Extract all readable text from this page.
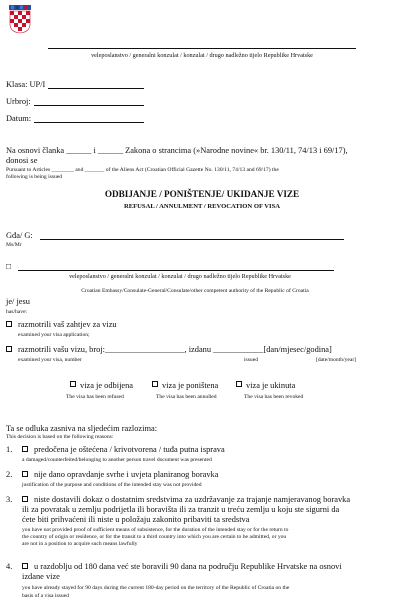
veleposlanstvo / generalni konzulat / konzulat / drugo nadležno tijelo Republike Hrvatske
Klasa: UP/I
Urbroj:
Datum:
Na osnovi članka ______ i ______ Zakona o strancima (»Narodne novine« br. 130/11, 74/13 i 69/17),
donosi se
Pursuant to Articles ________ and _______ of the Aliens Act (Croatian Official Gazette No. 130/11, 74/13 and 69/17) the
following is being issued
ODBIJANJE / PONIŠTENJE/ UKIDANJE VIZE
REFUSAL / ANNULMENT / REVOCATION OF VISA
Gđa/ G:
Ms/Mr
□
veleposlanstvo / generalni konzulat / konzulat / drugo nadležno tijelo Republike Hrvatske
Croatian Embassy/Consulate-General/Consulate/other competent authority of the Republic of Croatia
je/ jesu
has/have:
razmotrili vaš zahtjev za vizu
examined your visa application;
razmotrili vašu vizu, broj:___________________, izdanu ____________[dan/mjesec/godina]
examined your visa, number	issued	[date/month/year]
viza je odbijena	viza je poništena	viza je ukinuta
The visa has been refused	The visa has been annulled	The visa has been revoked
Ta se odluka zasniva na sljedećim razlozima:
This decision is based on the following reasons:
1.	predočena je oštećena / krivotvorena / tuđa putna isprava
a damaged/counterfeited/belonging to another person travel document was presented
2.	nije dano opravdanje svrhe i uvjeta planiranog boravka
justification of the purpose and conditions of the intended stay was not provided
3.	niste dostavili dokaz o dostatnim sredstvima za uzdržavanje za trajanje namjeravanog boravka
ili za povratak u zemlju podrijetla ili boravišta ili za tranzit u treću zemlju u koju ste sigurni da
ćete biti prihvaćeni ili niste u položaju zakonito pribaviti ta sredstva
you have not provided proof of sufficient means of subsistence, for the duration of the intended stay or for the return to
the country of origin or residence, or for the transit to a third country into which you are certain to be admitted, or you
are not in a position to acquire such means lawfully
4.	u razdoblju od 180 dana već ste boravili 90 dana na području Republike Hrvatske na osnovi
izdane vize
you have already stayed for 90 days during the current 180-day period on the territory of the Republic of Croatia on the
basis of a visa issued
